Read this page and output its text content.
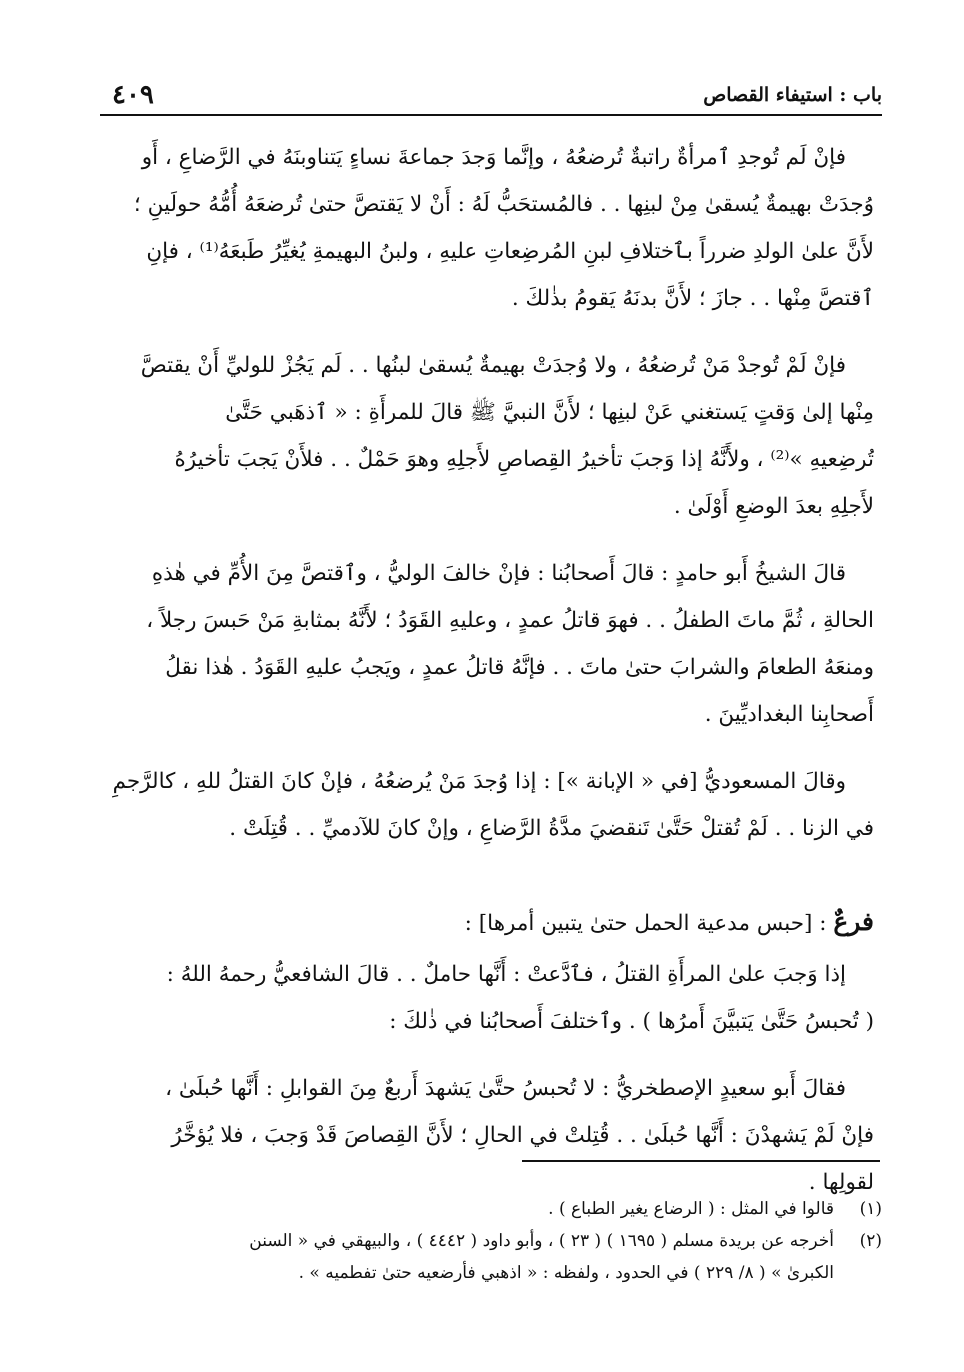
باب : استيفاء القصاص
٤٠٩

فإنْ لَم تُوجدِ ٱمرأةٌ راتبةٌ تُرضعُهُ ، وإنَّما وَجدَ جماعةَ نساءٍ يَتناوبنَهُ في الرَّضاعِ ، أَو
وُجدَتْ بهيمةٌ يُسقىٰ مِنْ لبنِها . . فالمُستحَبُّ لَهُ : أَنْ لا يَقتصَّ حتىٰ تُرضعَهُ أُمُّهُ حولَينِ ؛
لأَنَّ علىٰ الولدِ ضرراً بٱختلافِ لبنِ المُرضِعاتِ عليهِ ، ولبنُ البهيمةِ يُغيِّرُ طَبعَهُ⁽¹⁾ ، فإنِ
ٱقتصَّ مِنْها . . جازَ ؛ لأَنَّ بدنَهُ يَقومُ بذٰلكَ .

فإنْ لَمْ تُوجدْ مَنْ تُرضعُهُ ، ولا وُجدَتْ بهيمةٌ يُسقىٰ لبنُها . . لَم يَجُزْ للوليِّ أَنْ يقتصَّ
مِنْها إلىٰ وَقتٍ يَستغني عَنْ لبنِها ؛ لأَنَّ النبيَّ ﷺ قالَ للمرأَةِ : « ٱذهَبي حَتَّىٰ
تُرضِعيهِ »⁽²⁾ ، ولأَنَّهُ إذا وَجبَ تأخيرُ القِصاصِ لأَجلِهِ وهوَ حَمْلٌ . . فلأَنْ يَجبَ تأخيرُهُ
لأَجلِهِ بعدَ الوضعِ أَوْلَىٰ .

قالَ الشيخُ أَبو حامدٍ : قالَ أَصحابُنا : فإنْ خالفَ الوليُّ ، وٱقتصَّ مِنَ الأُمِّ في هٰذهِ
الحالةِ ، ثُمَّ ماتَ الطفلُ . . فهوَ قاتلُ عمدٍ ، وعليهِ القَوَدُ ؛ لأَنَّهُ بمثابةِ مَنْ حَبسَ رجلاً ،
ومنعَهُ الطعامَ والشرابَ حتىٰ ماتَ . . فإنَّهُ قاتلُ عمدٍ ، ويَجبُ عليهِ القَوَدُ . هٰذا نقلُ
أَصحابِنا البغداديِّينَ .

وقالَ المسعوديُّ [في « الإبانة »] : إذا وُجدَ مَنْ يُرضعُهُ ، فإنْ كانَ القتلُ للهِ ، كالرَّجمِ
في الزنا . . لَمْ تُقتلْ حَتَّىٰ تَنقضيَ مدَّةُ الرَّضاعِ ، وإنْ كانَ للآدميِّ . . قُتِلَتْ .

فرعٌ : [حبس مدعية الحمل حتىٰ يتبين أمرها] :

إذا وَجبَ علىٰ المرأَةِ القتلُ ، فٱدَّعتْ : أَنَّها حاملٌ . . قالَ الشافعيُّ رحمهُ اللهُ :
( تُحبسُ حَتَّىٰ يَتبيَّنَ أَمرُها ) . وٱختلفَ أَصحابُنا في ذٰلكَ :

فقالَ أَبو سعيدٍ الإصطخريُّ : لا تُحبسُ حتَّىٰ يَشهدَ أَربعٌ مِنَ القوابلِ : أَنَّها حُبلَىٰ ،
فإنْ لَمْ يَشهدْنَ : أَنَّها حُبلَىٰ . . قُتِلتْ في الحالِ ؛ لأَنَّ القِصاصَ قَدْ وَجبَ ، فلا يُؤخَّرُ
لقولِها .

(١)
قالوا في المثل : ( الرضاع يغير الطباع ) .
(٢)
أخرجه عن بريدة مسلم ( ١٦٩٥ ) ( ٢٣ ) ، وأبو داود ( ٤٤٤٢ ) ، والبيهقي في « السنن
الكبرىٰ » ( ٨/ ٢٢٩ ) في الحدود ، ولفظه : « اذهبي فأرضعيه حتىٰ تفطميه » .
